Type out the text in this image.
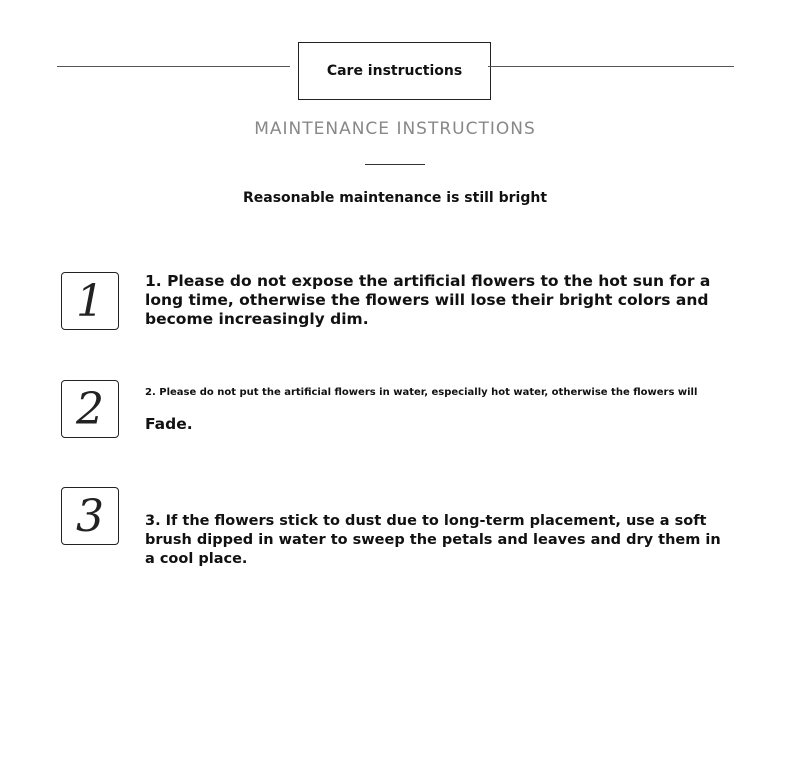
Care instructions
MAINTENANCE INSTRUCTIONS
Reasonable maintenance is still bright
1	1. Please do not expose the artificial flowers to the hot sun for a long time, otherwise the flowers will lose their bright colors and become increasingly dim.
2	2. Please do not put the artificial flowers in water, especially hot water, otherwise the flowers will
Fade.
3	3. If the flowers stick to dust due to long-term placement, use a soft brush dipped in water to sweep the petals and leaves and dry them in a cool place.
